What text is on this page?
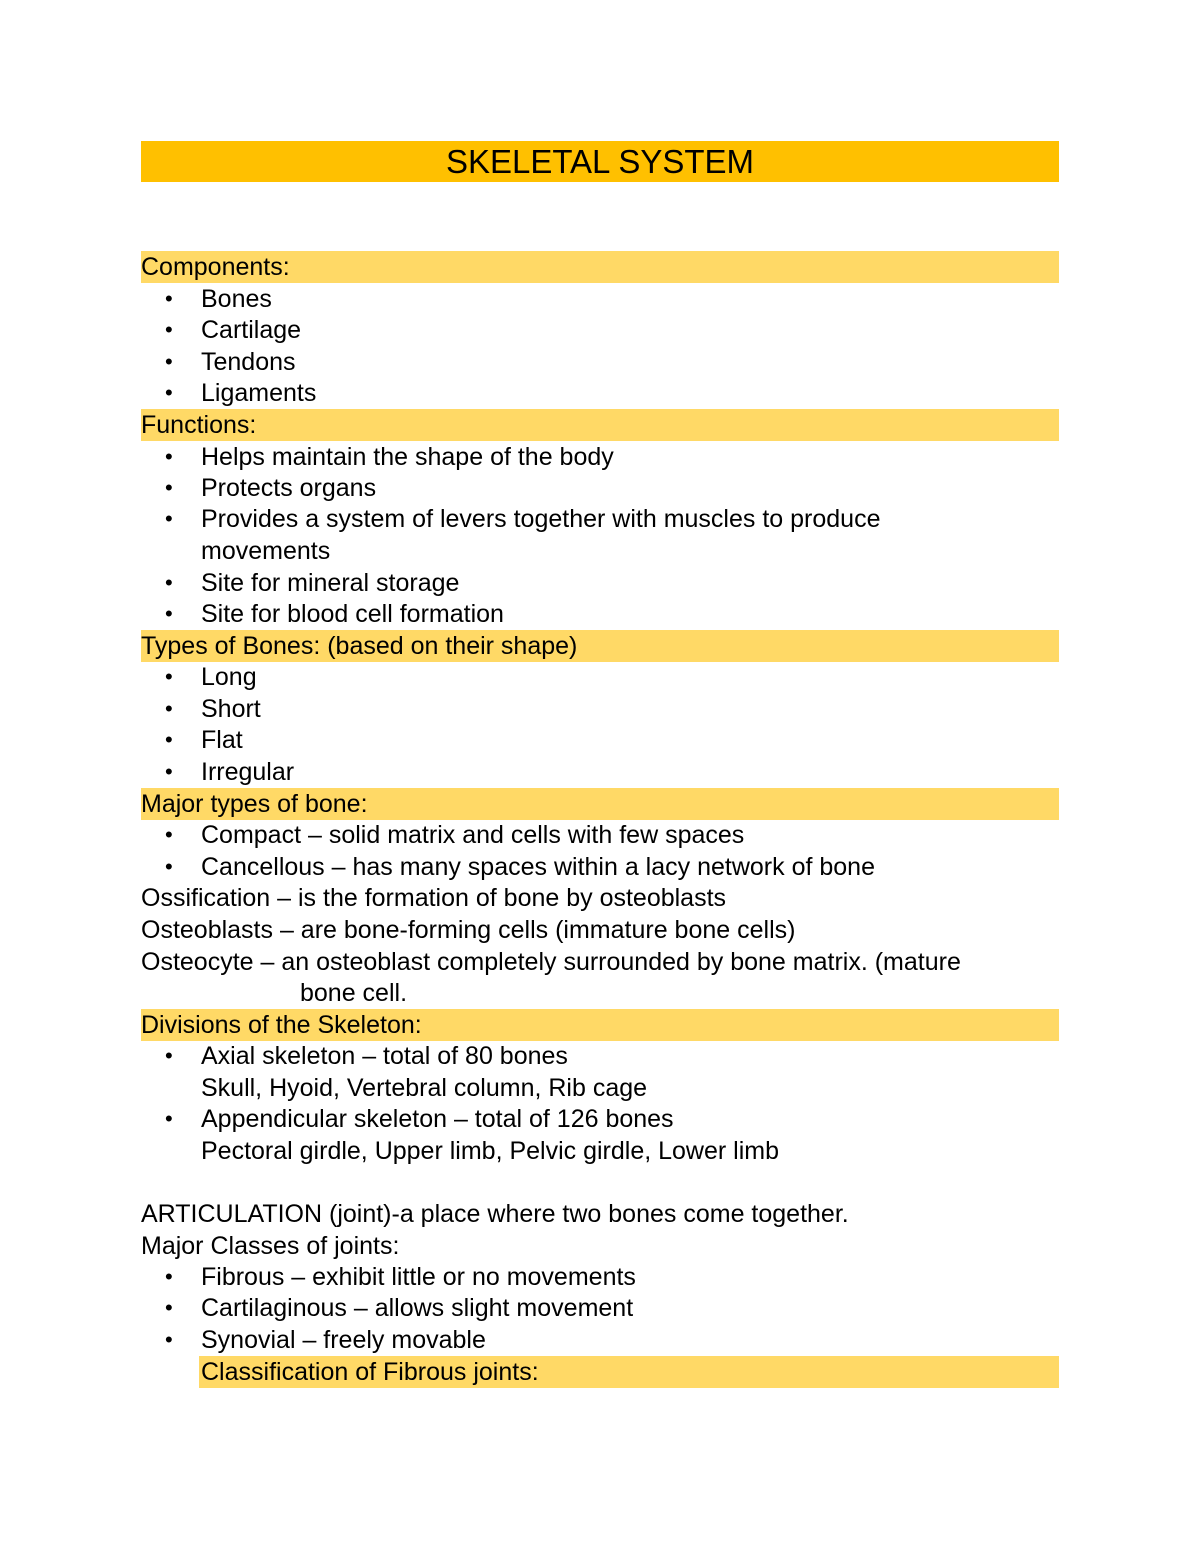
SKELETAL SYSTEM
Components:
• Bones
• Cartilage
• Tendons
• Ligaments
Functions:
• Helps maintain the shape of the body
• Protects organs
• Provides a system of levers together with muscles to produce
movements
• Site for mineral storage
• Site for blood cell formation
Types of Bones: (based on their shape)
• Long
• Short
• Flat
• Irregular
Major types of bone:
• Compact – solid matrix and cells with few spaces
• Cancellous – has many spaces within a lacy network of bone
Ossification – is the formation of bone by osteoblasts
Osteoblasts – are bone-forming cells (immature bone cells)
Osteocyte – an osteoblast completely surrounded by bone matrix. (mature
bone cell.
Divisions of the Skeleton:
• Axial skeleton – total of 80 bones
Skull, Hyoid, Vertebral column, Rib cage
• Appendicular skeleton – total of 126 bones
Pectoral girdle, Upper limb, Pelvic girdle, Lower limb
ARTICULATION (joint)-a place where two bones come together.
Major Classes of joints:
• Fibrous – exhibit little or no movements
• Cartilaginous – allows slight movement
• Synovial – freely movable
Classification of Fibrous joints:
